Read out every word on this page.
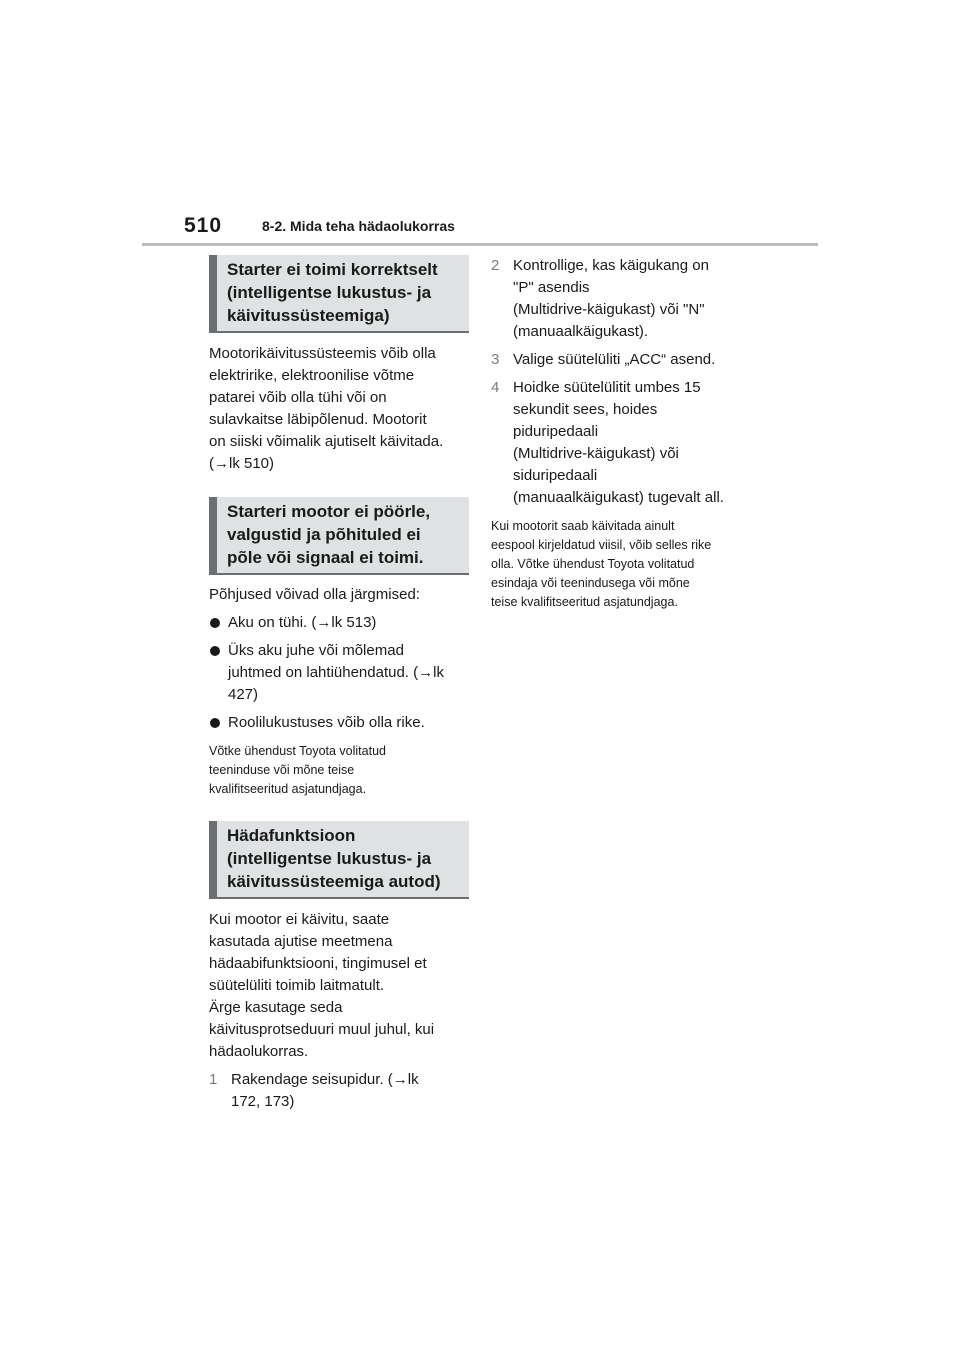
510	8-2. Mida teha hädaolukorras
Starter ei toimi korrektselt
(intelligentse lukustus- ja
käivitussüsteemiga)
Mootorikäivitussüsteemis võib olla
elektririke, elektroonilise võtme
patarei võib olla tühi või on
sulavkaitse läbipõlenud. Mootorit
on siiski võimalik ajutiselt käivitada.
(→lk 510)
Starteri mootor ei pöörle,
valgustid ja põhituled ei
põle või signaal ei toimi.
Põhjused võivad olla järgmised:
Aku on tühi. (→lk 513)
Üks aku juhe või mõlemad
juhtmed on lahtiühendatud. (→lk
427)
Roolilukustuses võib olla rike.
Võtke ühendust Toyota volitatud
teeninduse või mõne teise
kvalifitseeritud asjatundjaga.
Hädafunktsioon
(intelligentse lukustus- ja
käivitussüsteemiga autod)
Kui mootor ei käivitu, saate
kasutada ajutise meetmena
hädaabifunktsiooni, tingimusel et
süütelüliti toimib laitmatult.
Ärge kasutage seda
käivitusprotseduuri muul juhul, kui
hädaolukorras.
1 Rakendage seisupidur. (→lk
172, 173)
2 Kontrollige, kas käigukang on
"P" asendis
(Multidrive-käigukast) või "N"
(manuaalkäigukast).
3 Valige süütelüliti „ACC“ asend.
4 Hoidke süütelülitit umbes 15
sekundit sees, hoides
piduripedaali
(Multidrive-käigukast) või
siduripedaali
(manuaalkäigukast) tugevalt all.
Kui mootorit saab käivitada ainult
eespool kirjeldatud viisil, võib selles rike
olla. Võtke ühendust Toyota volitatud
esindaja või teenindusega või mõne
teise kvalifitseeritud asjatundjaga.
